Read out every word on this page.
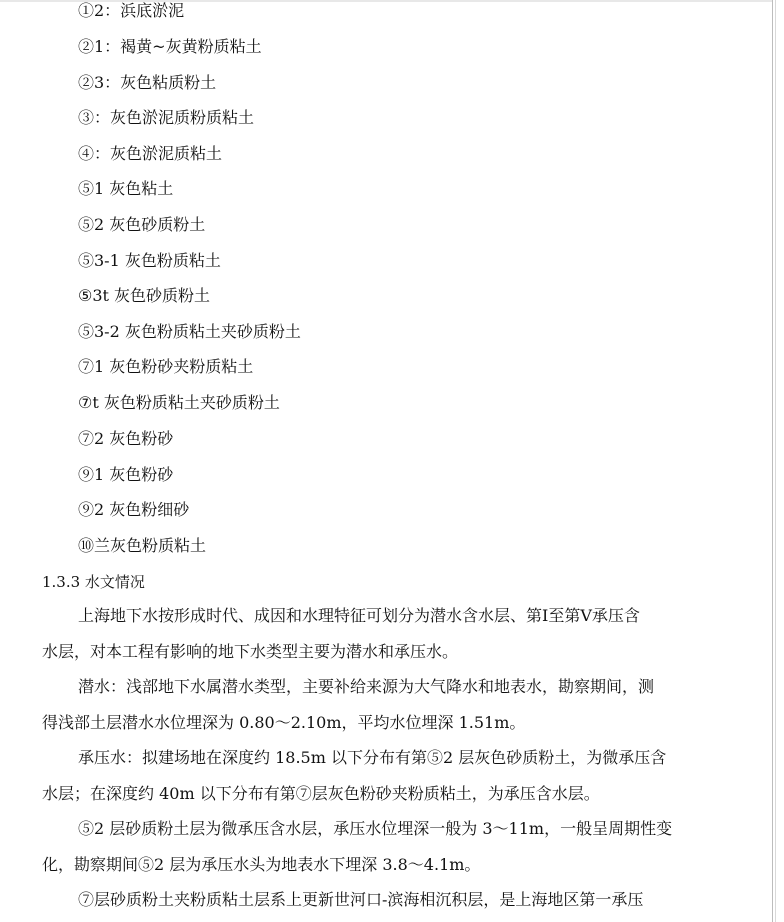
①2：浜底淤泥
②1：褐黄~灰黄粉质粘土
②3：灰色粘质粉土
③：灰色淤泥质粉质粘土
④：灰色淤泥质粘土
⑤1 灰色粘土
⑤2 灰色砂质粉土
⑤3-1 灰色粉质粘土
⑤3t 灰色砂质粉土
⑤3-2 灰色粉质粘土夹砂质粉土
⑦1 灰色粉砂夹粉质粘土
⑦t 灰色粉质粘土夹砂质粉土
⑦2 灰色粉砂
⑨1 灰色粉砂
⑨2 灰色粉细砂
⑩兰灰色粉质粘土
1.3.3 水文情况
上海地下水按形成时代、成因和水理特征可划分为潜水含水层、第Ⅰ至第Ⅴ承压含
水层，对本工程有影响的地下水类型主要为潜水和承压水。
潜水：浅部地下水属潜水类型，主要补给来源为大气降水和地表水，勘察期间，测
得浅部土层潜水水位埋深为 0.80～2.10m，平均水位埋深 1.51m。
承压水：拟建场地在深度约 18.5m 以下分布有第⑤2 层灰色砂质粉土，为微承压含
水层；在深度约 40m 以下分布有第⑦层灰色粉砂夹粉质粘土，为承压含水层。
⑤2 层砂质粉土层为微承压含水层，承压水位埋深一般为 3～11m，一般呈周期性变
化，勘察期间⑤2 层为承压水头为地表水下埋深 3.8～4.1m。
⑦层砂质粉土夹粉质粘土层系上更新世河口-滨海相沉积层，是上海地区第一承压
